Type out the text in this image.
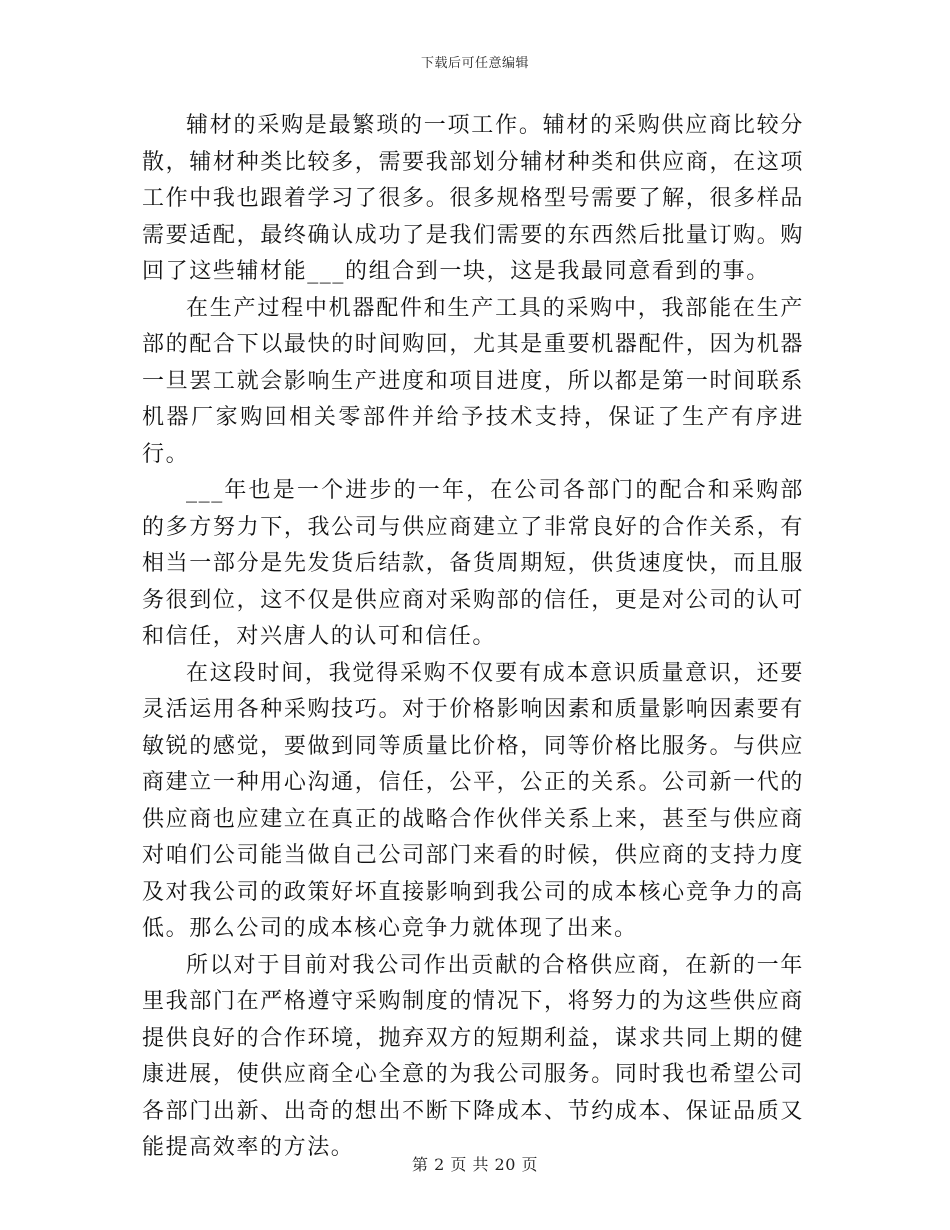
下载后可任意编辑

辅材的采购是最繁琐的一项工作。辅材的采购供应商比较分散，辅材种类比较多，需要我部划分辅材种类和供应商，在这项工作中我也跟着学习了很多。很多规格型号需要了解，很多样品需要适配，最终确认成功了是我们需要的东西然后批量订购。购回了这些辅材能___的组合到一块，这是我最同意看到的事。

在生产过程中机器配件和生产工具的采购中，我部能在生产部的配合下以最快的时间购回，尤其是重要机器配件，因为机器一旦罢工就会影响生产进度和项目进度，所以都是第一时间联系机器厂家购回相关零部件并给予技术支持，保证了生产有序进行。

___年也是一个进步的一年，在公司各部门的配合和采购部的多方努力下，我公司与供应商建立了非常良好的合作关系，有相当一部分是先发货后结款，备货周期短，供货速度快，而且服务很到位，这不仅是供应商对采购部的信任，更是对公司的认可和信任，对兴唐人的认可和信任。

在这段时间，我觉得采购不仅要有成本意识质量意识，还要灵活运用各种采购技巧。对于价格影响因素和质量影响因素要有敏锐的感觉，要做到同等质量比价格，同等价格比服务。与供应商建立一种用心沟通，信任，公平，公正的关系。公司新一代的供应商也应建立在真正的战略合作伙伴关系上来，甚至与供应商对咱们公司能当做自己公司部门来看的时候，供应商的支持力度及对我公司的政策好坏直接影响到我公司的成本核心竞争力的高低。那么公司的成本核心竞争力就体现了出来。

所以对于目前对我公司作出贡献的合格供应商，在新的一年里我部门在严格遵守采购制度的情况下，将努力的为这些供应商提供良好的合作环境，抛弃双方的短期利益，谋求共同上期的健康进展，使供应商全心全意的为我公司服务。同时我也希望公司各部门出新、出奇的想出不断下降成本、节约成本、保证品质又能提高效率的方法。

第 2 页 共 20 页
